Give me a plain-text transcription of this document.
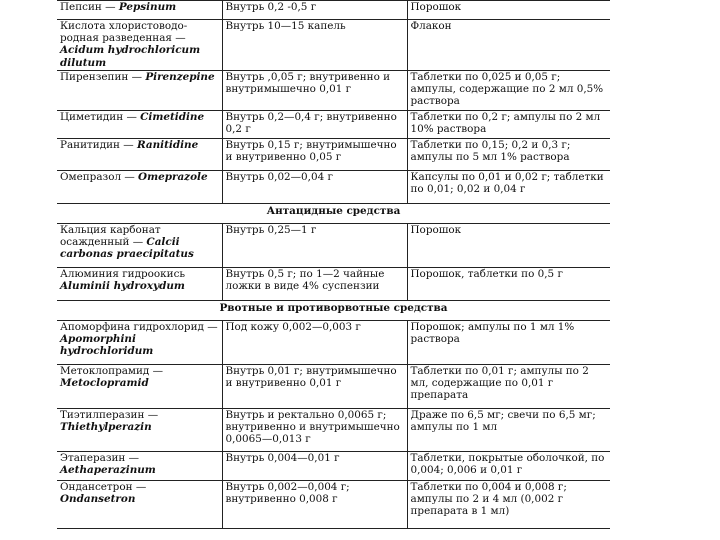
Пепсин — Pepsinum	Внутрь 0,2 -0,5 г	Порошок
Кислота хлористоводо-родная разведенная — Acidum hydrochloricum dilutum	Внутрь 10—15 капель	Флакон
Пирензепин — Pirenzepine	Внутрь ,0,05 г; внутривенно и внутримышечно 0,01 г	Таблетки по 0,025 и 0,05 г; ампулы, содержащие по 2 мл 0,5% раствора
Циметидин — Cimetidine	Внутрь 0,2—0,4 г; внутривенно 0,2 г	Таблетки по 0,2 г; ампулы по 2 мл 10% раствора
Ранитидин — Ranitidine	Внутрь 0,15 г; внутримышечно и внутривенно 0,05 г	Таблетки по 0,15; 0,2 и 0,3 г; ампулы по 5 мл 1% раствора
Омепразол — Omeprazole	Внутрь 0,02—0,04 г	Капсулы по 0,01 и 0,02 г; таблетки по 0,01; 0,02 и 0,04 г
Антацидные средства		
Кальция карбонат осажденный — Calcii carbonas praecipitatus	Внутрь 0,25—1 г	Порошок
Алюминия гидроокись Aluminii hydroxydum	Внутрь 0,5 г; по 1—2 чайные ложки в виде 4% суспензии	Порошок, таблетки по 0,5 г
Рвотные и противорвотные средства		
Апоморфина гидрохлорид — Apomorphini hydrochloridum	Под кожу 0,002—0,003 г	Порошок; ампулы по 1 мл 1% раствора
Метоклопрамид — Metoclopramid	Внутрь 0,01 г; внутримышечно и внутривенно 0,01 г	Таблетки по 0,01 г; ампулы по 2 мл, содержащие по 0,01 г препарата
Тиэтилперазин — Thiethylperazin	Внутрь и ректально 0,0065 г; внутривенно и внутримышечно 0,0065—0,013 г	Драже по 6,5 мг; свечи по 6,5 мг; ампулы по 1 мл
Этаперазин — Aethaperazinum	Внутрь 0,004—0,01 г	Таблетки, покрытые оболочкой, по 0,004; 0,006 и 0,01 г
Ондансетрон — Ondansetron	Внутрь 0,002—0,004 г; внутривенно 0,008 г	Таблетки по 0,004 и 0,008 г; ампулы по 2 и 4 мл (0,002 г препарата в 1 мл)
